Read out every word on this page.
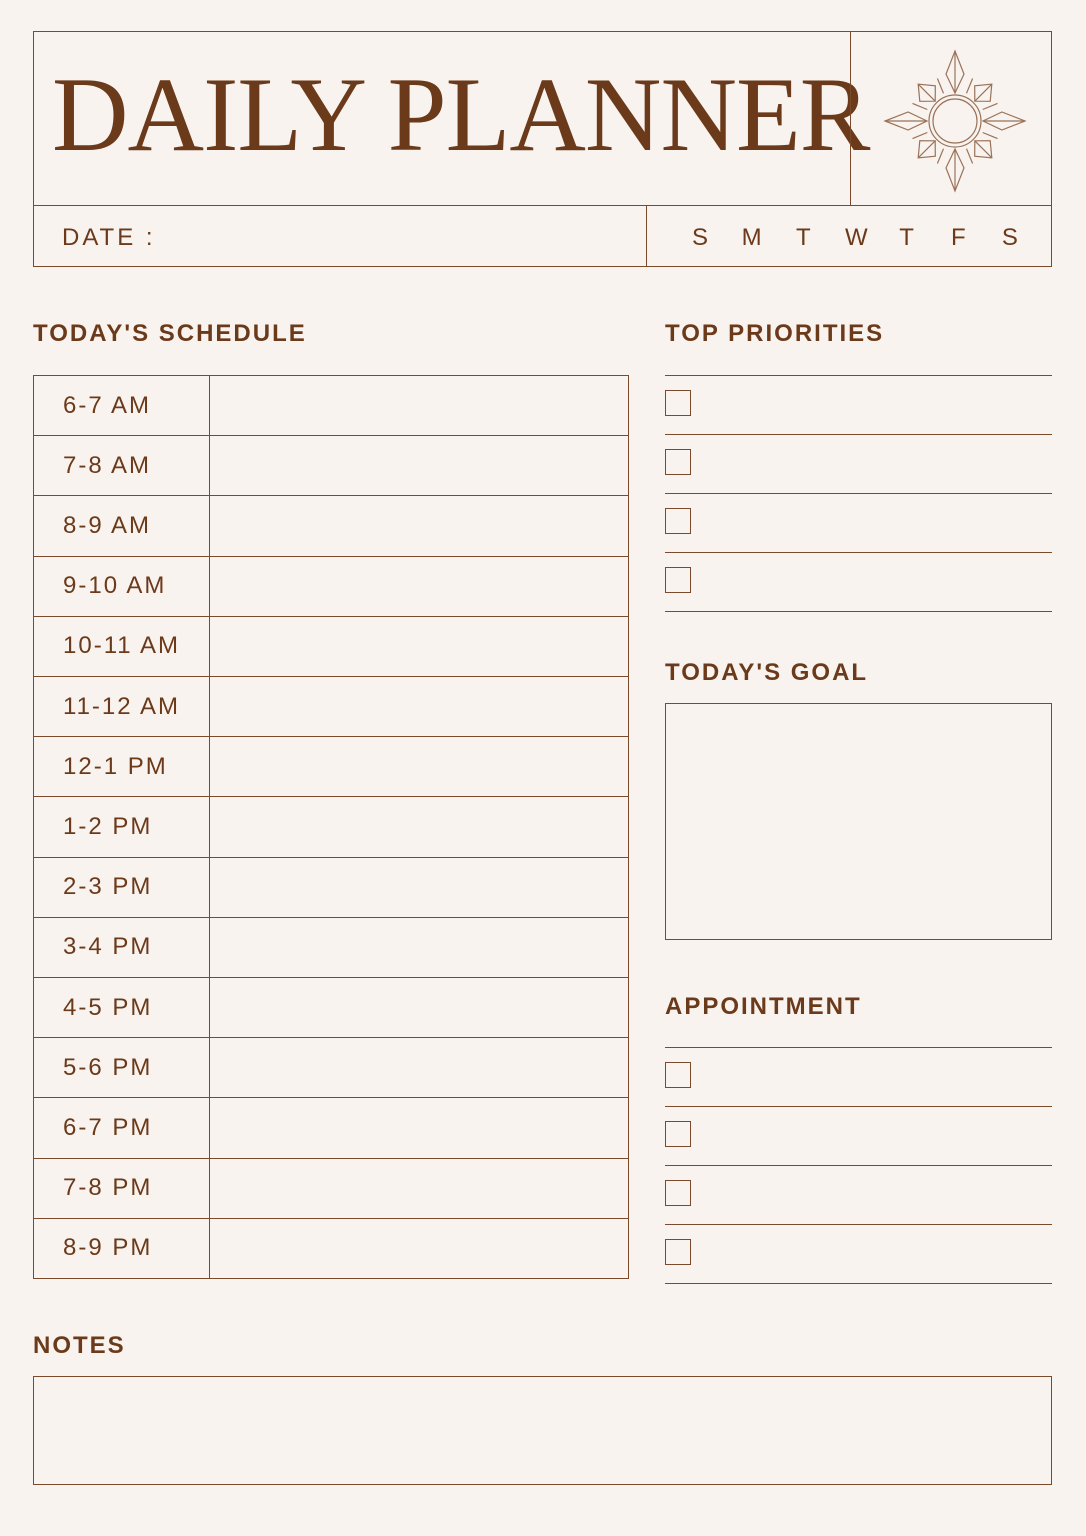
DAILY PLANNER
DATE :	S M T W T F S
TODAY'S SCHEDULE
6-7 AM
7-8 AM
8-9 AM
9-10 AM
10-11 AM
11-12 AM
12-1 PM
1-2 PM
2-3 PM
3-4 PM
4-5 PM
5-6 PM
6-7 PM
7-8 PM
8-9 PM
TOP PRIORITIES
TODAY'S GOAL
APPOINTMENT
NOTES
